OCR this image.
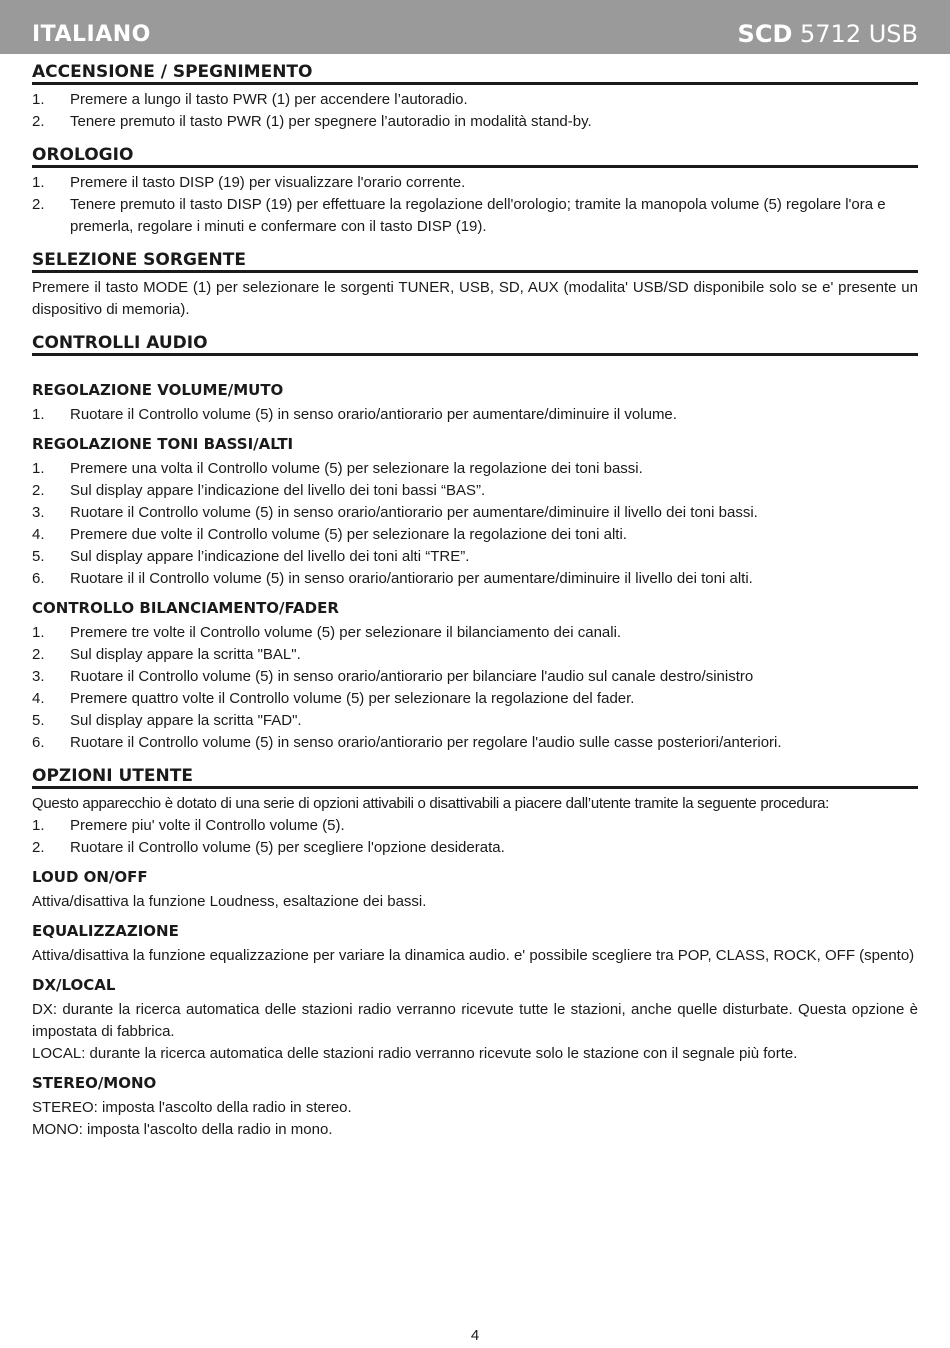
ITALIANO	SCD 5712 USB
ACCENSIONE / SPEGNIMENTO
1. Premere a lungo il tasto PWR (1) per accendere l’autoradio.
2. Tenere premuto il tasto PWR (1) per spegnere l’autoradio in modalità stand-by.
OROLOGIO
1. Premere il tasto DISP (19) per visualizzare l'orario corrente.
2. Tenere premuto il tasto DISP (19) per effettuare la regolazione dell'orologio; tramite la manopola volume (5) regolare l'ora e premerla, regolare i minuti e confermare con il tasto DISP (19).
SELEZIONE SORGENTE

Premere il tasto MODE (1) per selezionare le sorgenti TUNER, USB, SD, AUX (modalita' USB/SD disponibile solo se e' presente un dispositivo di memoria).

CONTROLLI AUDIO
REGOLAZIONE VOLUME/MUTO
1. Ruotare il Controllo volume (5) in senso orario/antiorario per aumentare/diminuire il volume.
REGOLAZIONE TONI BASSI/ALTI
1. Premere una volta il Controllo volume (5) per selezionare la regolazione dei toni bassi.
2. Sul display appare l’indicazione del livello dei toni bassi “BAS”.
3. Ruotare il Controllo volume (5) in senso orario/antiorario per aumentare/diminuire il livello dei toni bassi.
4. Premere due volte il Controllo volume (5) per selezionare la regolazione dei toni alti.
5. Sul display appare l’indicazione del livello dei toni alti “TRE”.
6. Ruotare il il Controllo volume (5) in senso orario/antiorario per aumentare/diminuire il livello dei toni alti.
CONTROLLO BILANCIAMENTO/FADER
1. Premere tre volte il Controllo volume (5) per selezionare il bilanciamento dei canali.
2. Sul display appare la scritta "BAL".
3. Ruotare il Controllo volume (5) in senso orario/antiorario per bilanciare l'audio sul canale destro/sinistro
4. Premere quattro volte il Controllo volume (5) per selezionare la regolazione del fader.
5. Sul display appare la scritta "FAD".
6. Ruotare il Controllo volume (5) in senso orario/antiorario per regolare l'audio sulle casse posteriori/anteriori.
OPZIONI UTENTE

Questo apparecchio è dotato di una serie di opzioni attivabili o disattivabili a piacere dall’utente tramite la seguente procedura:

1. Premere piu' volte il Controllo volume (5).
2. Ruotare il Controllo volume (5) per scegliere l'opzione desiderata.
LOUD ON/OFF

Attiva/disattiva la funzione Loudness, esaltazione dei bassi.

EQUALIZZAZIONE

Attiva/disattiva la funzione equalizzazione per variare la dinamica audio. e' possibile scegliere tra POP, CLASS, ROCK, OFF (spento)

DX/LOCAL

DX: durante la ricerca automatica delle stazioni radio verranno ricevute tutte le stazioni, anche quelle disturbate. Questa opzione è impostata di fabbrica.

LOCAL: durante la ricerca automatica delle stazioni radio verranno ricevute solo le stazione con il segnale più forte.

STEREO/MONO

STEREO: imposta l'ascolto della radio in stereo.

MONO: imposta l'ascolto della radio in mono.

4
